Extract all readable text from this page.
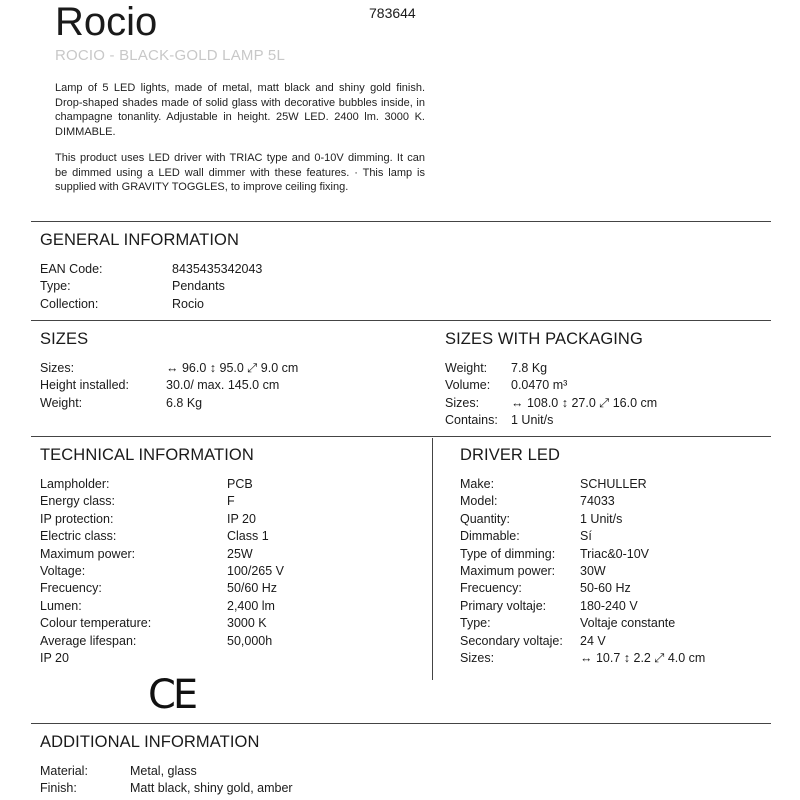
Rocio	783644
ROCIO - BLACK-GOLD LAMP 5L
Lamp of 5 LED lights, made of metal, matt black and shiny gold finish. Drop-shaped shades made of solid glass with decorative bubbles inside, in champagne tonanlity. Adjustable in height. 25W LED. 2400 lm. 3000 K. DIMMABLE.
This product uses LED driver with TRIAC type and 0-10V dimming. It can be dimmed using a LED wall dimmer with these features. · This lamp is supplied with GRAVITY TOGGLES, to improve ceiling fixing.
GENERAL INFORMATION
SIZES	SIZES WITH PACKAGING
TECHNICAL INFORMATION	DRIVER LED
ADDITIONAL INFORMATION
EAN Code:	8435435342043
Type:	Pendants
Collection:	Rocio
Sizes:	↔ 96.0 ↕ 95.0 ⤢ 9.0 cm
Height installed:	30.0/ max. 145.0 cm
Weight:	6.8 Kg
Weight: 7.8 Kg
Volume: 0.0470 m³
Sizes:	↔ 108.0 ↕ 27.0 ⤢ 16.0 cm
Contains: 1 Unit/s
Lampholder:	PCB
Energy class:	F
IP protection:	IP 20
Electric class:	Class 1
Maximum power:	25W
Voltage:	100/265 V
Frecuency:	50/60 Hz
Lumen:	2,400 lm
Colour temperature:	3000 K
Average lifespan:	50,000h
IP 20
Make:	SCHULLER
Model:	74033
Quantity:	1 Unit/s
Dimmable:	Sí
Type of dimming: Triac&0-10V
Maximum power: 30W
Frecuency:	50-60 Hz
Primary voltaje:	180-240 V
Type:	Voltaje constante
Secondary voltaje: 24 V
Sizes:	↔ 10.7 ↕ 2.2 ⤢ 4.0 cm
Material:	Metal, glass
Finish:	Matt black, shiny gold, amber
CE
